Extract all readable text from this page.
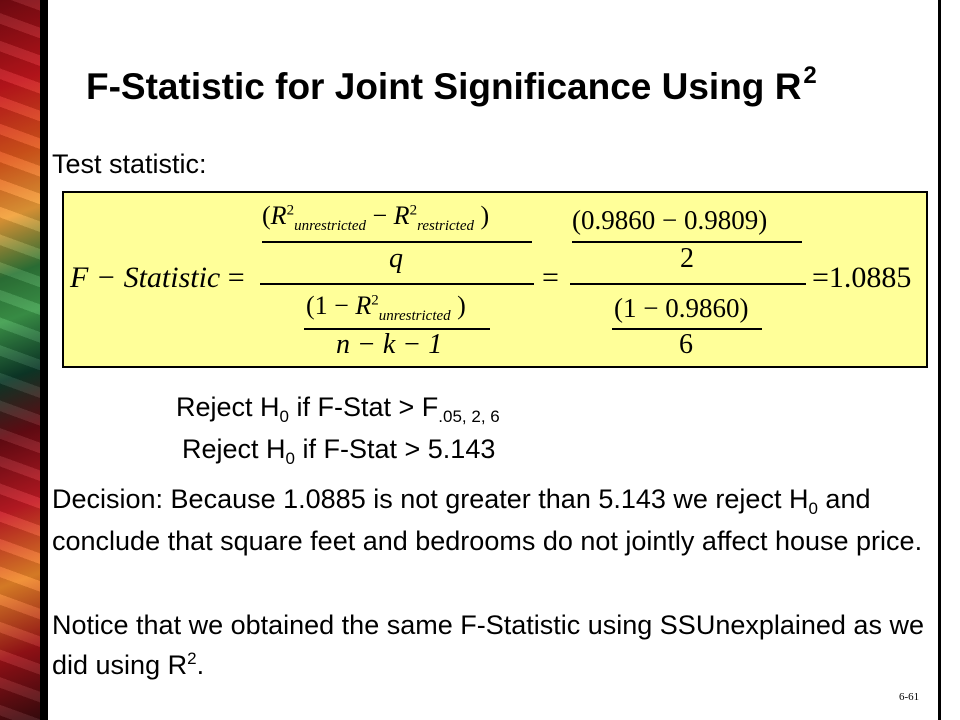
F-Statistic for Joint Significance Using $R^2$
Test statistic:
F − Statistic =
($R^2_{unrestricted} - R^2_{restricted}$ )
q
($1 - R^2_{unrestricted}$ )
n − k − 1
=
(0.9860 − 0.9809)
2
(1 − 0.9860)
6
=1.0885
Reject $H_0$ if F-Stat > $F_{.05, 2, 6}$
Reject $H_0$ if F-Stat > 5.143
Decision: Because 1.0885 is not greater than 5.143 we reject $H_0$ and conclude that square feet and bedrooms do not jointly affect house price.
Notice that we obtained the same F-Statistic using SSUnexplained as we did using $R^2$.
6-61
